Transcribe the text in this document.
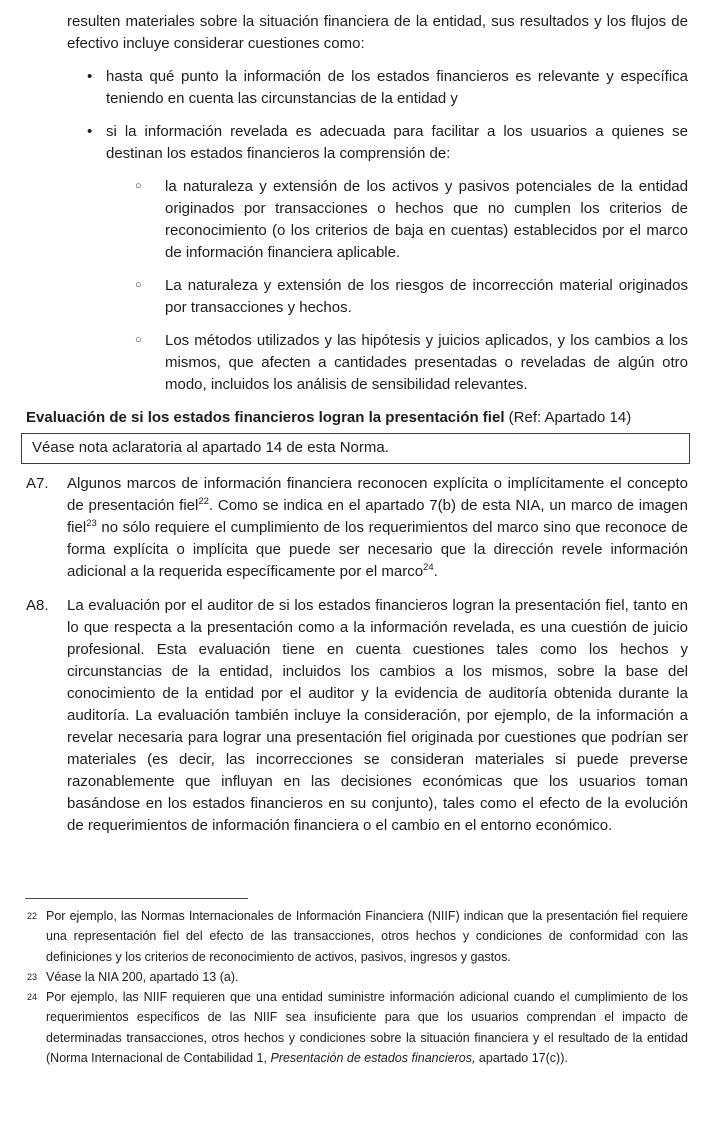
resulten materiales sobre la situación financiera de la entidad, sus resultados y los flujos de efectivo incluye considerar cuestiones como:

• hasta qué punto la información de los estados financieros es relevante y específica teniendo en cuenta las circunstancias de la entidad y
• si la información revelada es adecuada para facilitar a los usuarios a quienes se destinan los estados financieros la comprensión de:
○ la naturaleza y extensión de los activos y pasivos potenciales de la entidad originados por transacciones o hechos que no cumplen los criterios de reconocimiento (o los criterios de baja en cuentas) establecidos por el marco de información financiera aplicable.
○ La naturaleza y extensión de los riesgos de incorrección material originados por transacciones y hechos.
○ Los métodos utilizados y las hipótesis y juicios aplicados, y los cambios a los mismos, que afecten a cantidades presentadas o reveladas de algún otro modo, incluidos los análisis de sensibilidad relevantes.
Evaluación de si los estados financieros logran la presentación fiel (Ref: Apartado 14)
Véase nota aclaratoria al apartado 14 de esta Norma.
A7. Algunos marcos de información financiera reconocen explícita o implícitamente el concepto de presentación fiel$^{22}$. Como se indica en el apartado 7(b) de esta NIA, un marco de imagen fiel$^{23}$ no sólo requiere el cumplimiento de los requerimientos del marco sino que reconoce de forma explícita o implícita que puede ser necesario que la dirección revele información adicional a la requerida específicamente por el marco$^{24}$.
A8. La evaluación por el auditor de si los estados financieros logran la presentación fiel, tanto en lo que respecta a la presentación como a la información revelada, es una cuestión de juicio profesional. Esta evaluación tiene en cuenta cuestiones tales como los hechos y circunstancias de la entidad, incluidos los cambios a los mismos, sobre la base del conocimiento de la entidad por el auditor y la evidencia de auditoría obtenida durante la auditoría. La evaluación también incluye la consideración, por ejemplo, de la información a revelar necesaria para lograr una presentación fiel originada por cuestiones que podrían ser materiales (es decir, las incorrecciones se consideran materiales si puede preverse razonablemente que influyan en las decisiones económicas que los usuarios toman basándose en los estados financieros en su conjunto), tales como el efecto de la evolución de requerimientos de información financiera o el cambio en el entorno económico.
22 Por ejemplo, las Normas Internacionales de Información Financiera (NIIF) indican que la presentación fiel requiere una representación fiel del efecto de las transacciones, otros hechos y condiciones de conformidad con las definiciones y los criterios de reconocimiento de activos, pasivos, ingresos y gastos.
23 Véase la NIA 200, apartado 13 (a).
24 Por ejemplo, las NIIF requieren que una entidad suministre información adicional cuando el cumplimiento de los requerimientos específicos de las NIIF sea insuficiente para que los usuarios comprendan el impacto de determinadas transacciones, otros hechos y condiciones sobre la situación financiera y el resultado de la entidad (Norma Internacional de Contabilidad 1, Presentación de estados financieros, apartado 17(c)).
